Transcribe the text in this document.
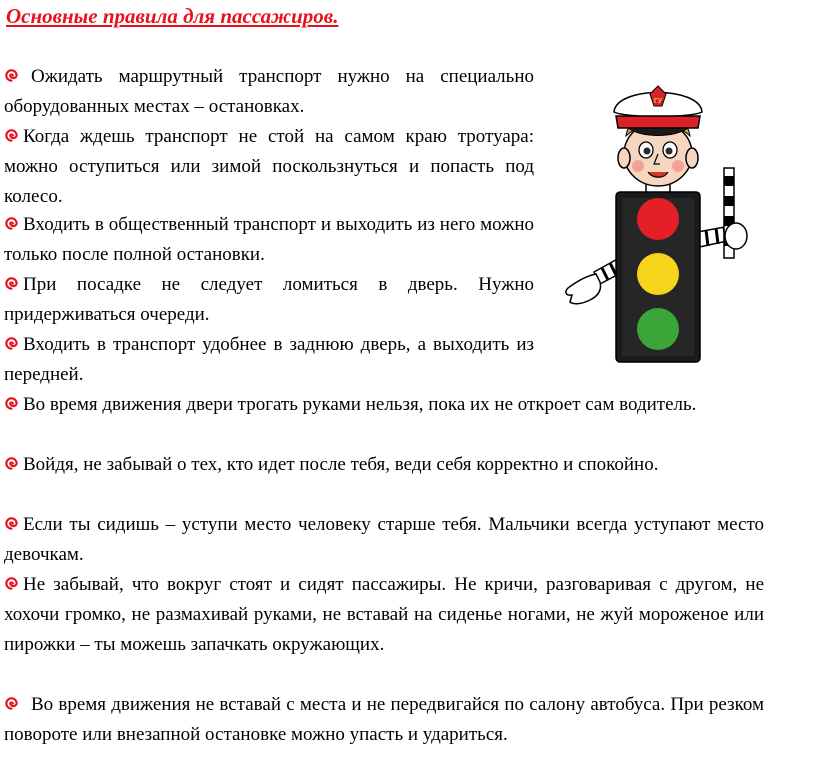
Основные правила для пассажиров.

Ожидать маршрутный транспорт нужно на специально оборудованных местах – остановках.

Когда ждешь транспорт не стой на самом краю тротуара: можно оступиться или зимой поскользнуться и попасть под колесо.

Входить в общественный транспорт и выходить из него можно только после полной остановки.

При посадке не следует ломиться в дверь. Нужно придерживаться очереди.

Входить в транспорт удобнее в заднюю дверь, а выходить из передней.

Во время движения двери трогать руками нельзя, пока их не откроет сам водитель.

Войдя, не забывай о тех, кто идет после тебя, веди себя корректно и спокойно.

Если ты сидишь – уступи место человеку старше тебя. Мальчики всегда уступают место девочкам.

Не забывай, что вокруг стоят и сидят пассажиры. Не кричи, разговаривая с другом, не хохочи громко, не размахивай руками, не вставай на сиденье ногами, не жуй мороженое или пирожки – ты можешь запачкать окружающих.

Во время движения не вставай с места и не передвигайся по салону автобуса. При резком повороте или внезапной остановке можно упасть и удариться.

ГУ
